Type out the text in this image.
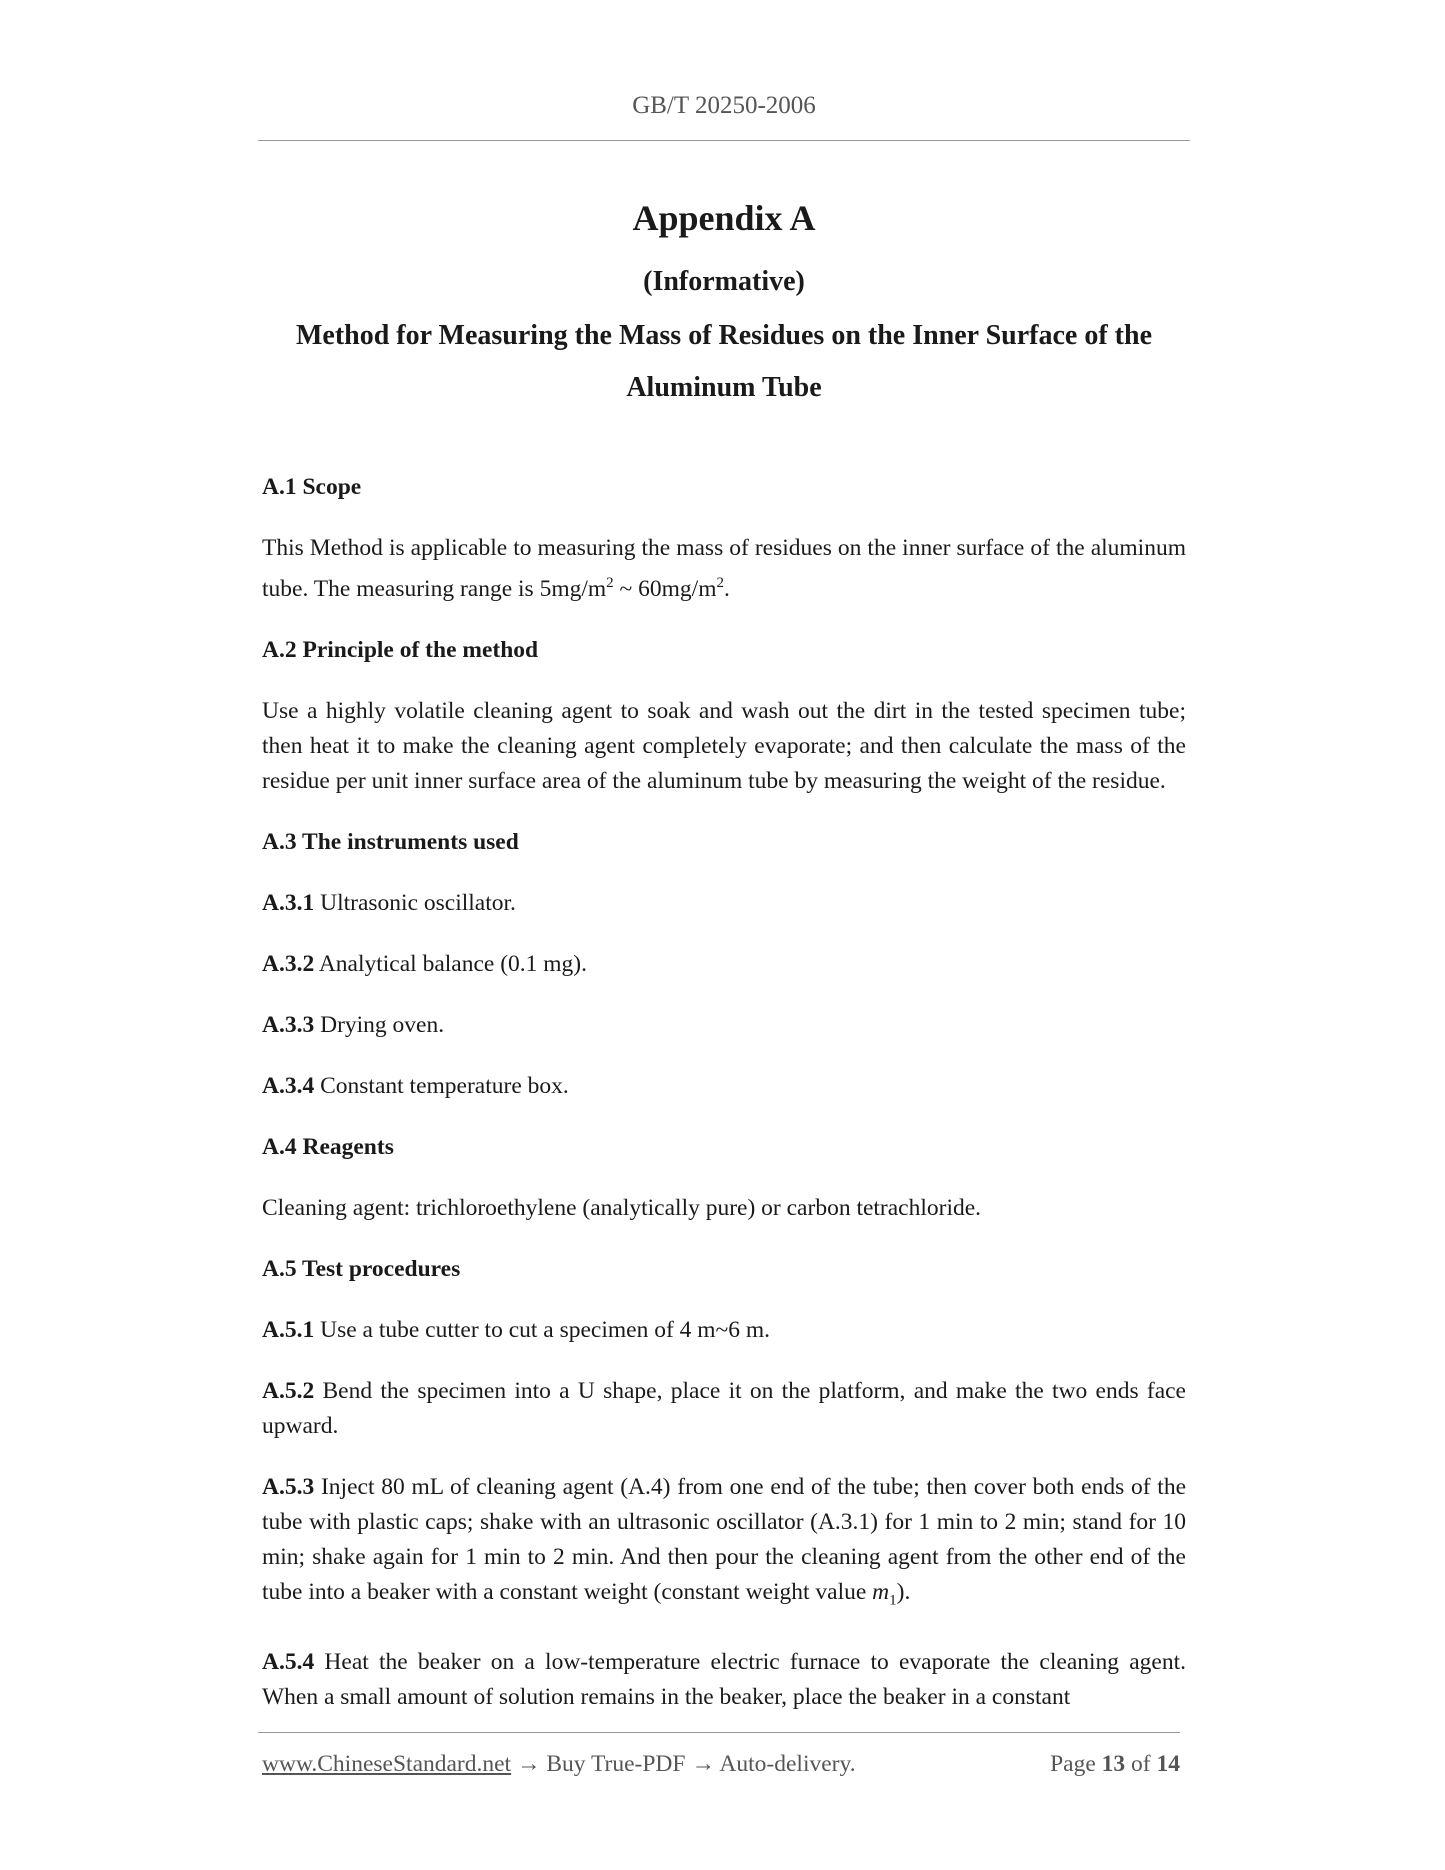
GB/T 20250-2006
Appendix A
(Informative)
Method for Measuring the Mass of Residues on the Inner Surface of the
Aluminum Tube
A.1 Scope
This Method is applicable to measuring the mass of residues on the inner surface of the aluminum tube. The measuring range is $5mg/m^2$ ~ $60mg/m^2$.
A.2 Principle of the method
Use a highly volatile cleaning agent to soak and wash out the dirt in the tested specimen tube; then heat it to make the cleaning agent completely evaporate; and then calculate the mass of the residue per unit inner surface area of the aluminum tube by measuring the weight of the residue.
A.3 The instruments used
A.3.1 Ultrasonic oscillator.
A.3.2 Analytical balance (0.1 mg).
A.3.3 Drying oven.
A.3.4 Constant temperature box.
A.4 Reagents
Cleaning agent: trichloroethylene (analytically pure) or carbon tetrachloride.
A.5 Test procedures
A.5.1 Use a tube cutter to cut a specimen of 4 m~6 m.
A.5.2 Bend the specimen into a U shape, place it on the platform, and make the two ends face upward.
A.5.3 Inject 80 mL of cleaning agent (A.4) from one end of the tube; then cover both ends of the tube with plastic caps; shake with an ultrasonic oscillator (A.3.1) for 1 min to 2 min; stand for 10 min; shake again for 1 min to 2 min. And then pour the cleaning agent from the other end of the tube into a beaker with a constant weight (constant weight value $m_1$).
A.5.4 Heat the beaker on a low-temperature electric furnace to evaporate the cleaning agent. When a small amount of solution remains in the beaker, place the beaker in a constant
www.ChineseStandard.net → Buy True-PDF → Auto-delivery.	Page 13 of 14
